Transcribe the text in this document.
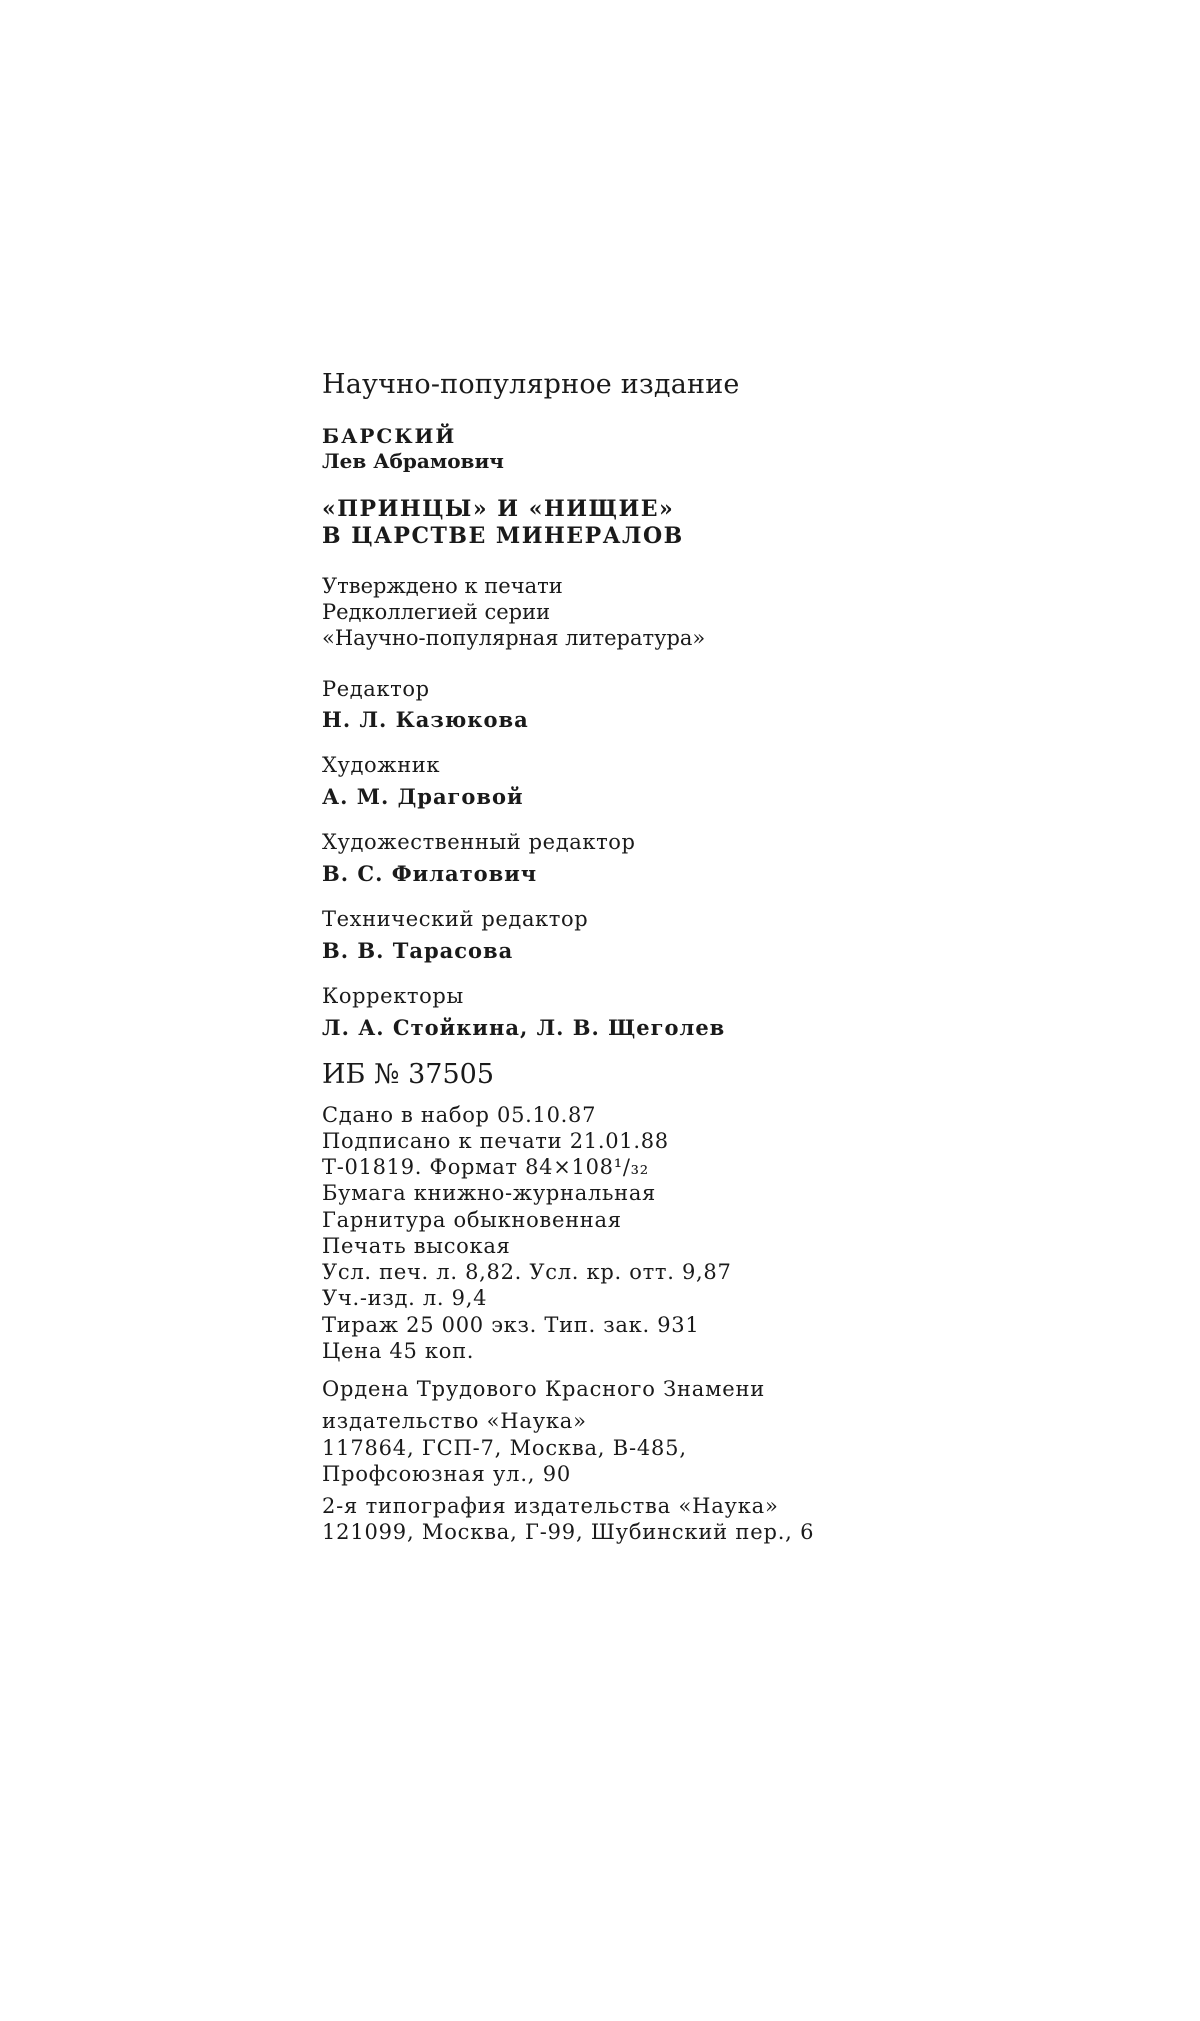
Научно-популярное издание
БАРСКИЙ
Лев Абрамович
«ПРИНЦЫ» И «НИЩИЕ»
В ЦАРСТВЕ МИНЕРАЛОВ
Утверждено к печати
Редколлегией серии
«Научно-популярная литература»
Редактор
Н. Л. Казюкова
Художник
А. М. Драговой
Художественный редактор
В. С. Филатович
Технический редактор
В. В. Тарасова
Корректоры
Л. А. Стойкина, Л. В. Щеголев
ИБ № 37505
Сдано в набор 05.10.87
Подписано к печати 21.01.88
Т-01819. Формат 84×108¹/₃₂
Бумага книжно-журнальная
Гарнитура обыкновенная
Печать высокая
Усл. печ. л. 8,82. Усл. кр. отт. 9,87
Уч.-изд. л. 9,4
Тираж 25 000 экз. Тип. зак. 931
Цена 45 коп.
Ордена Трудового Красного Знамени
издательство «Наука»
117864, ГСП-7, Москва, В-485,
Профсоюзная ул., 90
2-я типография издательства «Наука»
121099, Москва, Г-99, Шубинский пер., 6
